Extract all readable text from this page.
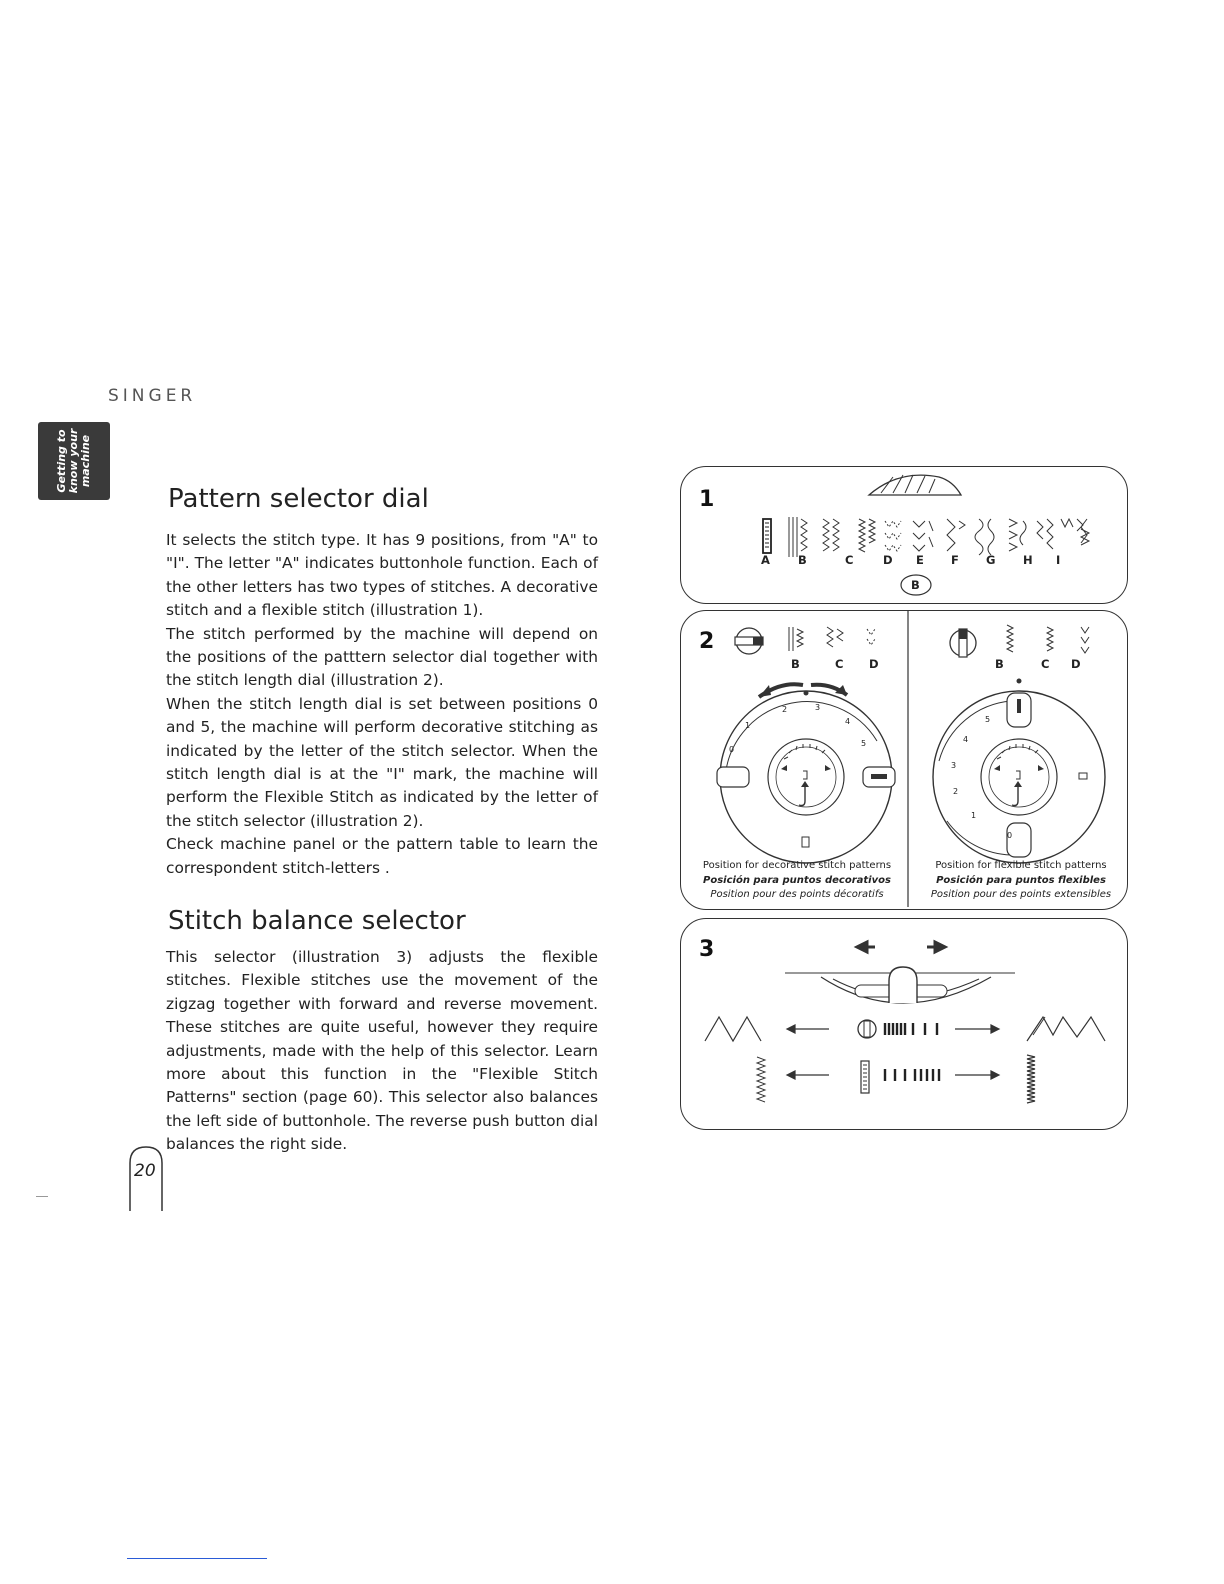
SINGER
Getting to know your machine
Pattern selector dial

It selects the stitch type. It has 9 positions, from "A" to "I". The letter "A" indicates buttonhole function. Each of the other letters has two types of stitches. A decorative stitch and a flexible stitch (illustration 1).

The stitch performed by the machine will depend on the positions of the patttern selector dial together with the stitch length dial (illustration 2).

When the stitch length dial is set between positions 0 and 5, the machine will perform decorative stitching as indicated by the letter of the stitch selector. When the stitch length dial is at the "I" mark, the machine will perform the Flexible Stitch as indicated by the letter of the stitch selector (illustration 2).

Check machine panel or the pattern table to learn the correspondent stitch-letters .

Stitch balance selector

This selector (illustration 3) adjusts the flexible stitches. Flexible stitches use the movement of the zigzag together with forward and reverse movement. These stitches are quite useful, however they require adjustments, made with the help of this selector. Learn more about this function in the "Flexible Stitch Patterns" section (page 60). This selector also balances the left side of buttonhole. The reverse push button dial balances the right side.

20
1
A B	C	D E F G H I
B
2
B	C D
0
1
2	3
4
5
Position for decorative stitch patterns
Posición para puntos decorativos
Position pour des points décoratifs
B	C D
0
1
2
3
4
5
Position for flexible stitch patterns
Posición para puntos flexibles
Position pour des points extensibles
3
